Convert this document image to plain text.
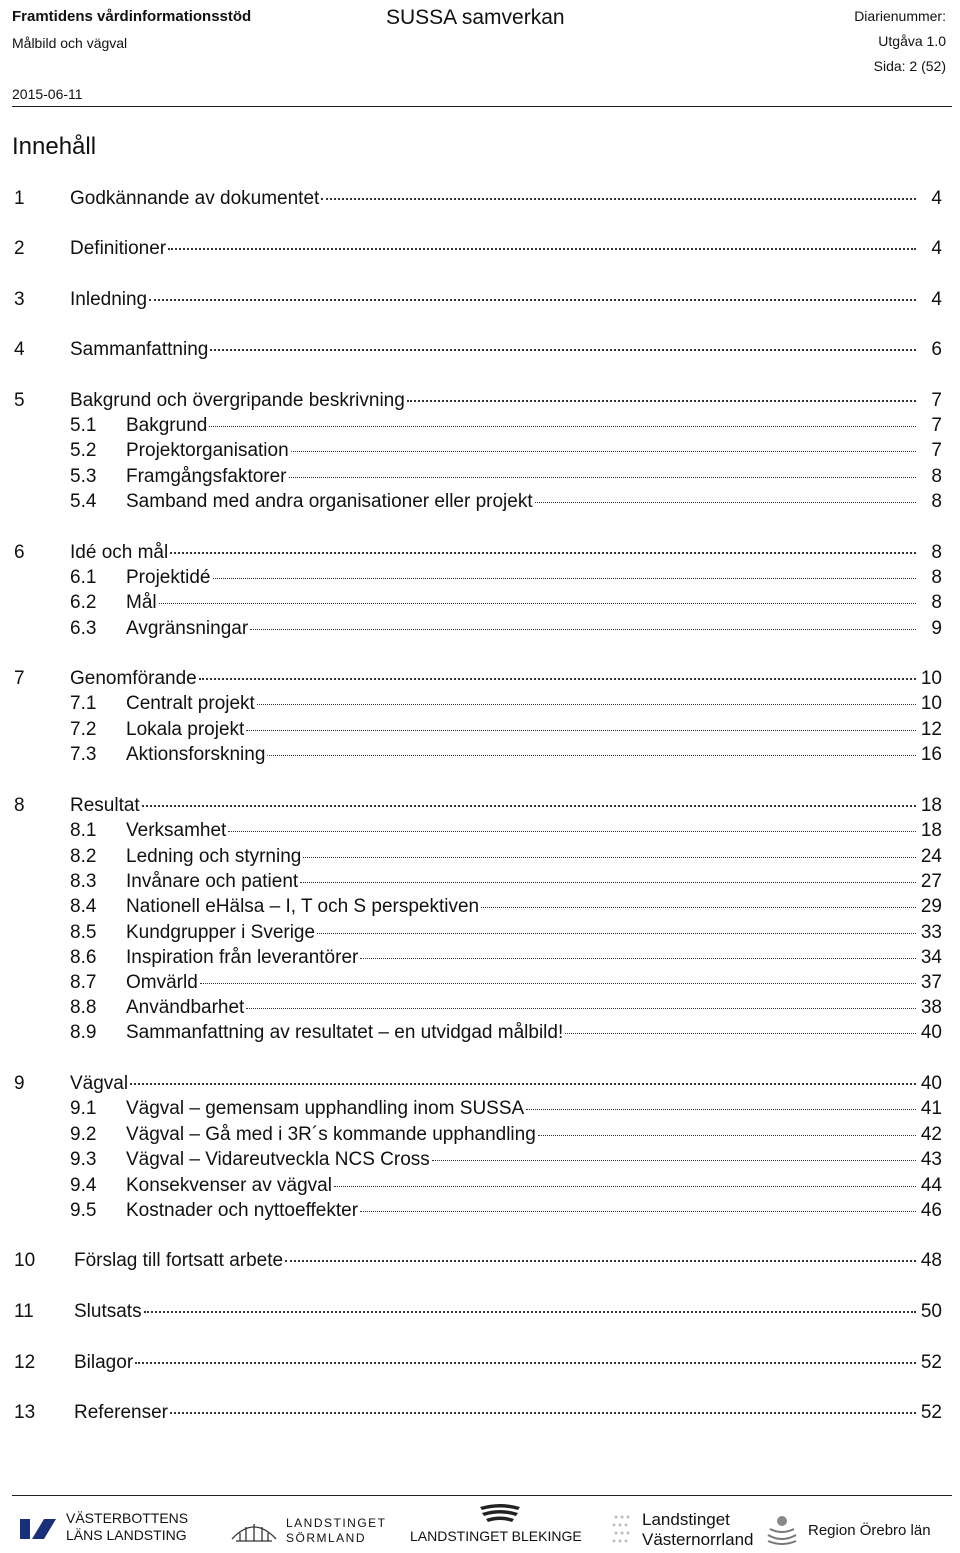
Framtidens vårdinformationsstöd
Målbild och vägval
SUSSA samverkan	Diarienummer:
Utgåva 1.0
Sida: 2 (52)
2015-06-11
Innehåll
1 Godkännande av dokumentet	4
2 Definitioner	4
3 Inledning	4
4 Sammanfattning	6
5 Bakgrund och övergripande beskrivning	7
5.1 Bakgrund	7
5.2 Projektorganisation	7
5.3 Framgångsfaktorer	8
5.4 Samband med andra organisationer eller projekt	8
6 Idé och mål	8
6.1 Projektidé	8
6.2 Mål	8
6.3 Avgränsningar	9
7 Genomförande	10
7.1 Centralt projekt	10
7.2 Lokala projekt	12
7.3 Aktionsforskning	16
8 Resultat	18
8.1 Verksamhet	18
8.2 Ledning och styrning	24
8.3 Invånare och patient	27
8.4 Nationell eHälsa – I, T och S perspektiven	29
8.5 Kundgrupper i Sverige	33
8.6 Inspiration från leverantörer	34
8.7 Omvärld	37
8.8 Användbarhet	38
8.9 Sammanfattning av resultatet – en utvidgad målbild!	40
9 Vägval	40
9.1 Vägval – gemensam upphandling inom SUSSA	41
9.2 Vägval – Gå med i 3R´s kommande upphandling	42
9.3 Vägval – Vidareutveckla NCS Cross	43
9.4 Konsekvenser av vägval	44
9.5 Kostnader och nyttoeffekter	46
10 Förslag till fortsatt arbete	48
11 Slutsats	50
12 Bilagor	52
13 Referenser	52
VÄSTERBOTTENS
LÄNS LANDSTING
LANDSTINGET
SÖRMLAND	LANDSTINGET BLEKINGE
Landstinget
Västernorrland	Region Örebro län
